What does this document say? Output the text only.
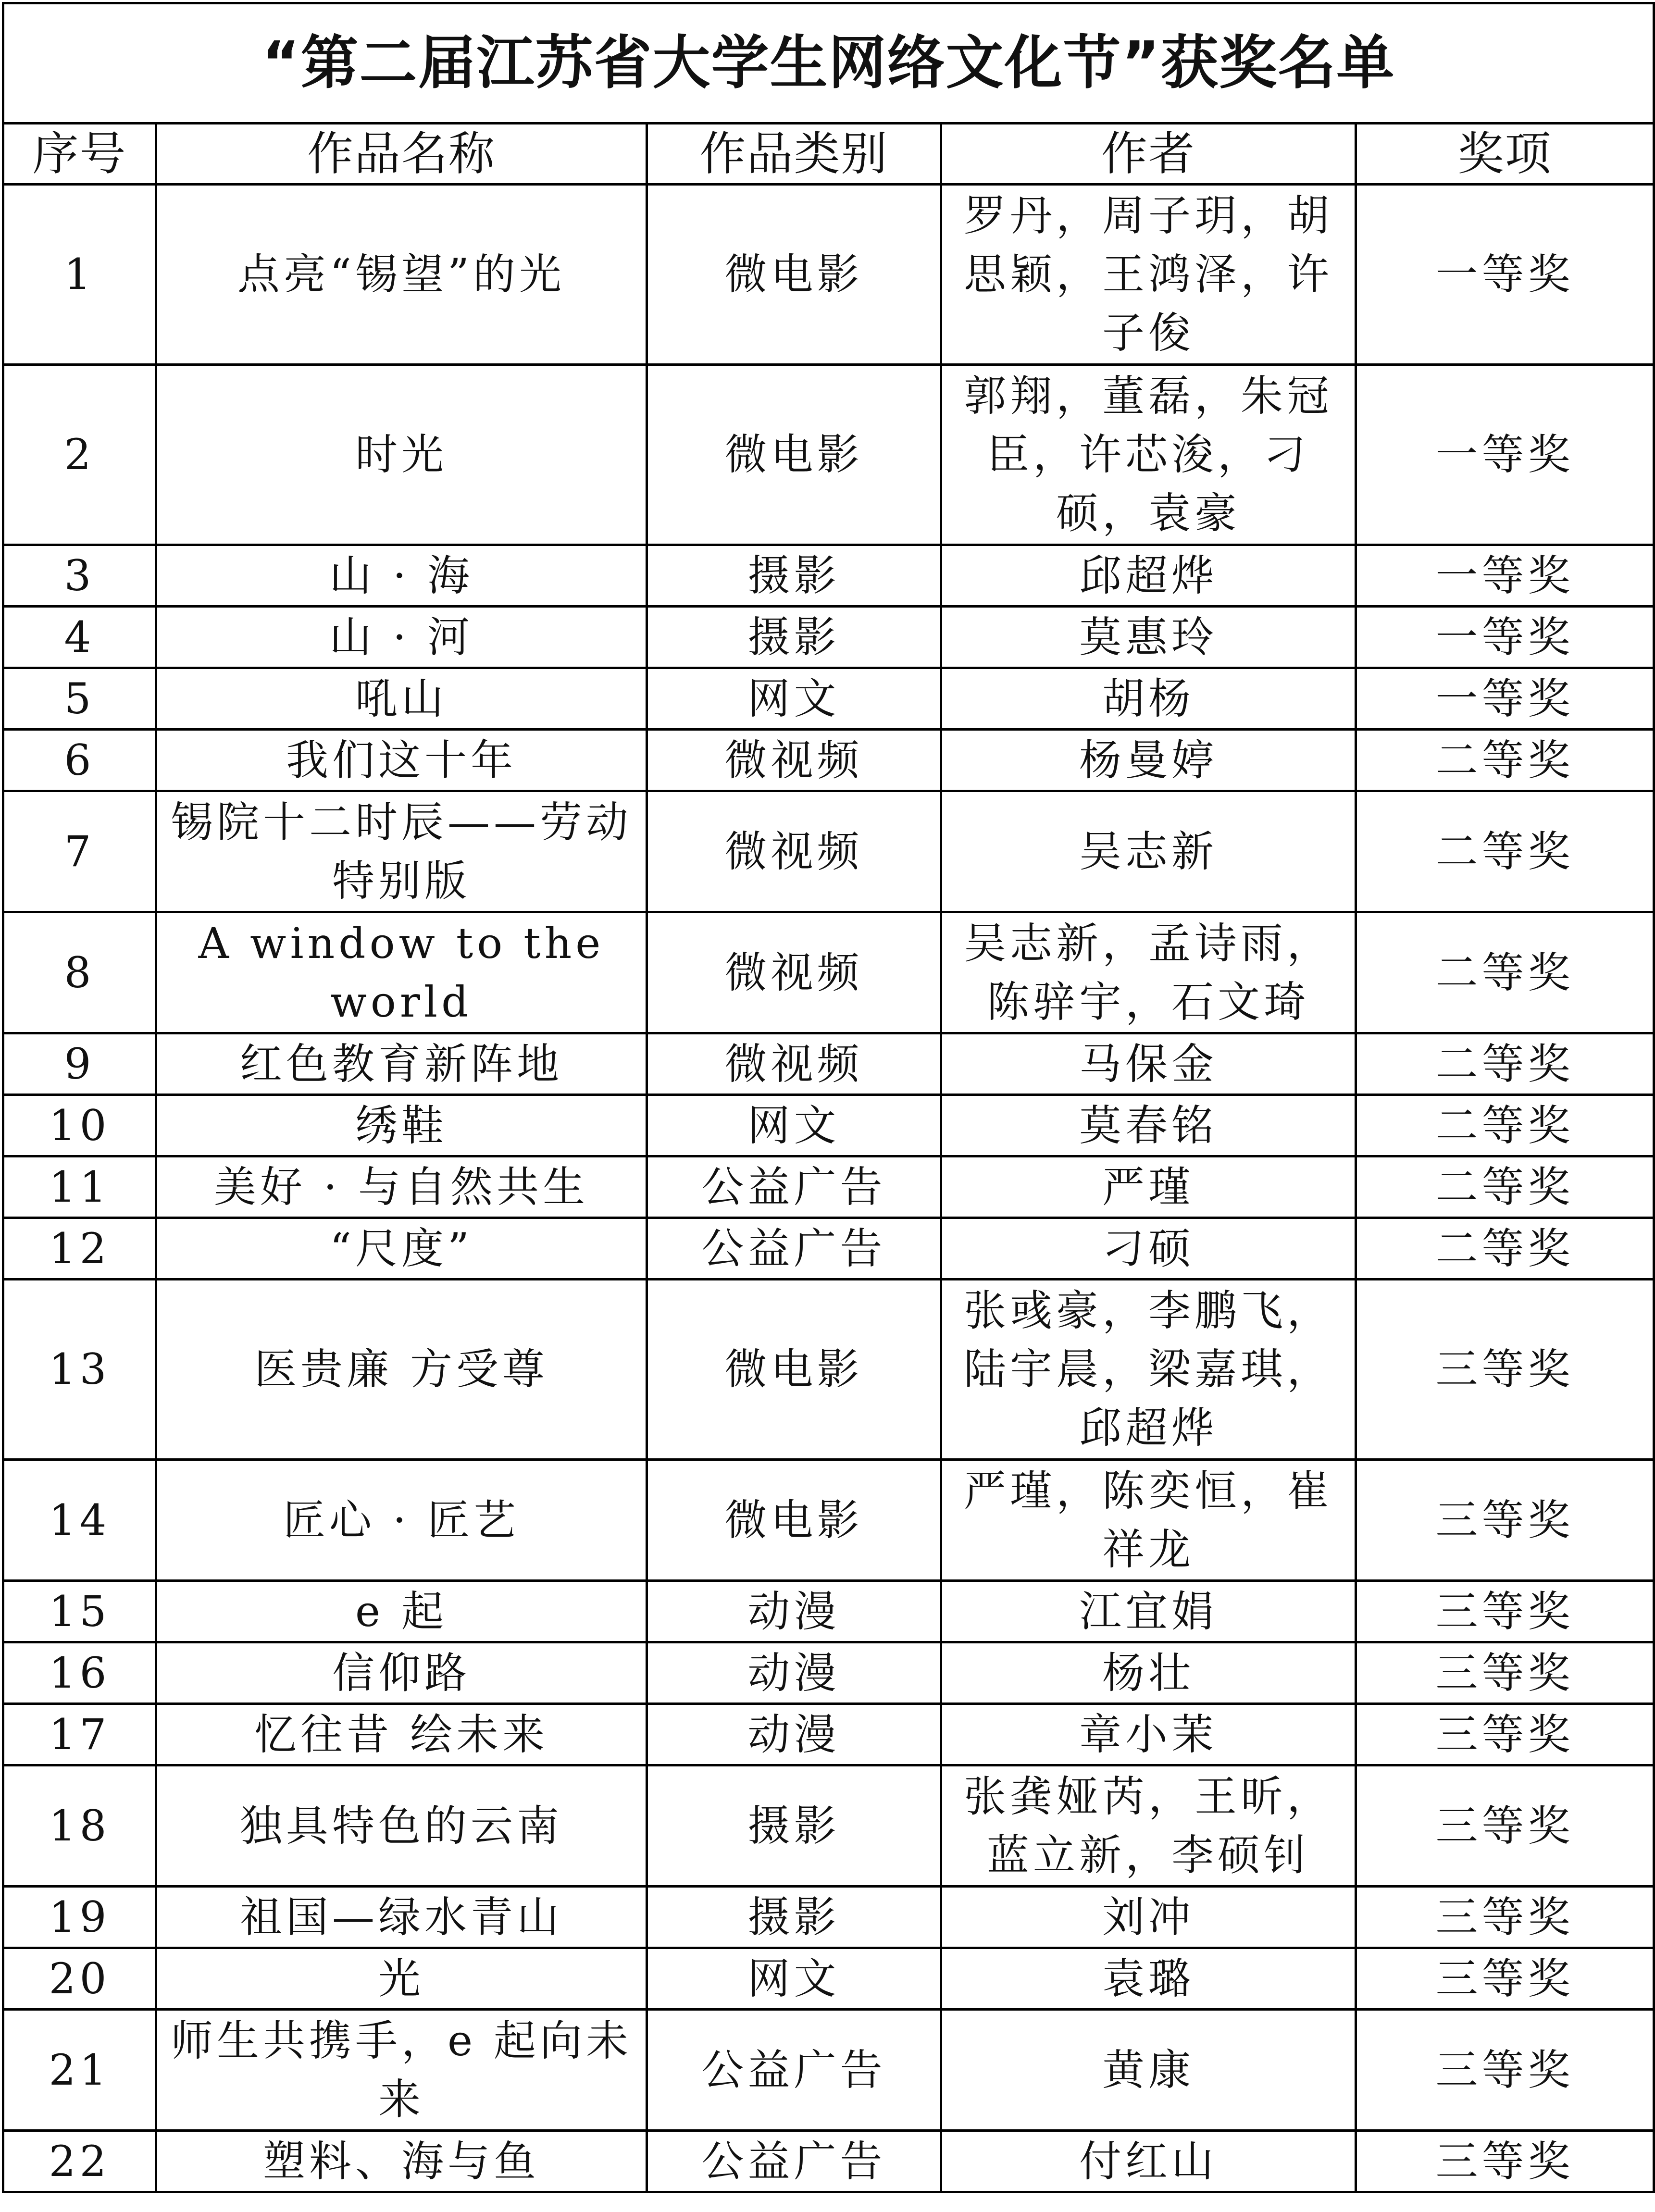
“第二届江苏省大学生网络文化节”获奖名单				
序号	作品名称	作品类别	作者	奖项
1	点亮“锡望”的光	微电影	罗丹，周子玥，胡思颖，王鸿泽，许子俊	一等奖
2	时光	微电影	郭翔，董磊，朱冠臣，许芯浚，刁硕，袁豪	一等奖
3	山 · 海	摄影	邱超烨	一等奖
4	山 · 河	摄影	莫惠玲	一等奖
5	吼山	网文	胡杨	一等奖
6	我们这十年	微视频	杨曼婷	二等奖
7	锡院十二时辰——劳动特别版	微视频	吴志新	二等奖
8	A window to the world	微视频	吴志新，孟诗雨，陈骍宇，石文琦	二等奖
9	红色教育新阵地	微视频	马保金	二等奖
10	绣鞋	网文	莫春铭	二等奖
11	美好 · 与自然共生	公益广告	严瑾	二等奖
12	“尺度”	公益广告	刁硕	二等奖
13	医贵廉 方受尊	微电影	张彧豪，李鹏飞，陆宇晨，梁嘉琪，邱超烨	三等奖
14	匠心 · 匠艺	微电影	严瑾，陈奕恒，崔祥龙	三等奖
15	e 起	动漫	江宜娟	三等奖
16	信仰路	动漫	杨壮	三等奖
17	忆往昔 绘未来	动漫	章小茉	三等奖
18	独具特色的云南	摄影	张龚娅芮，王昕，蓝立新，李硕钊	三等奖
19	祖国—绿水青山	摄影	刘冲	三等奖
20	光	网文	袁璐	三等奖
21	师生共携手，e 起向未来	公益广告	黄康	三等奖
22	塑料、海与鱼	公益广告	付红山	三等奖
